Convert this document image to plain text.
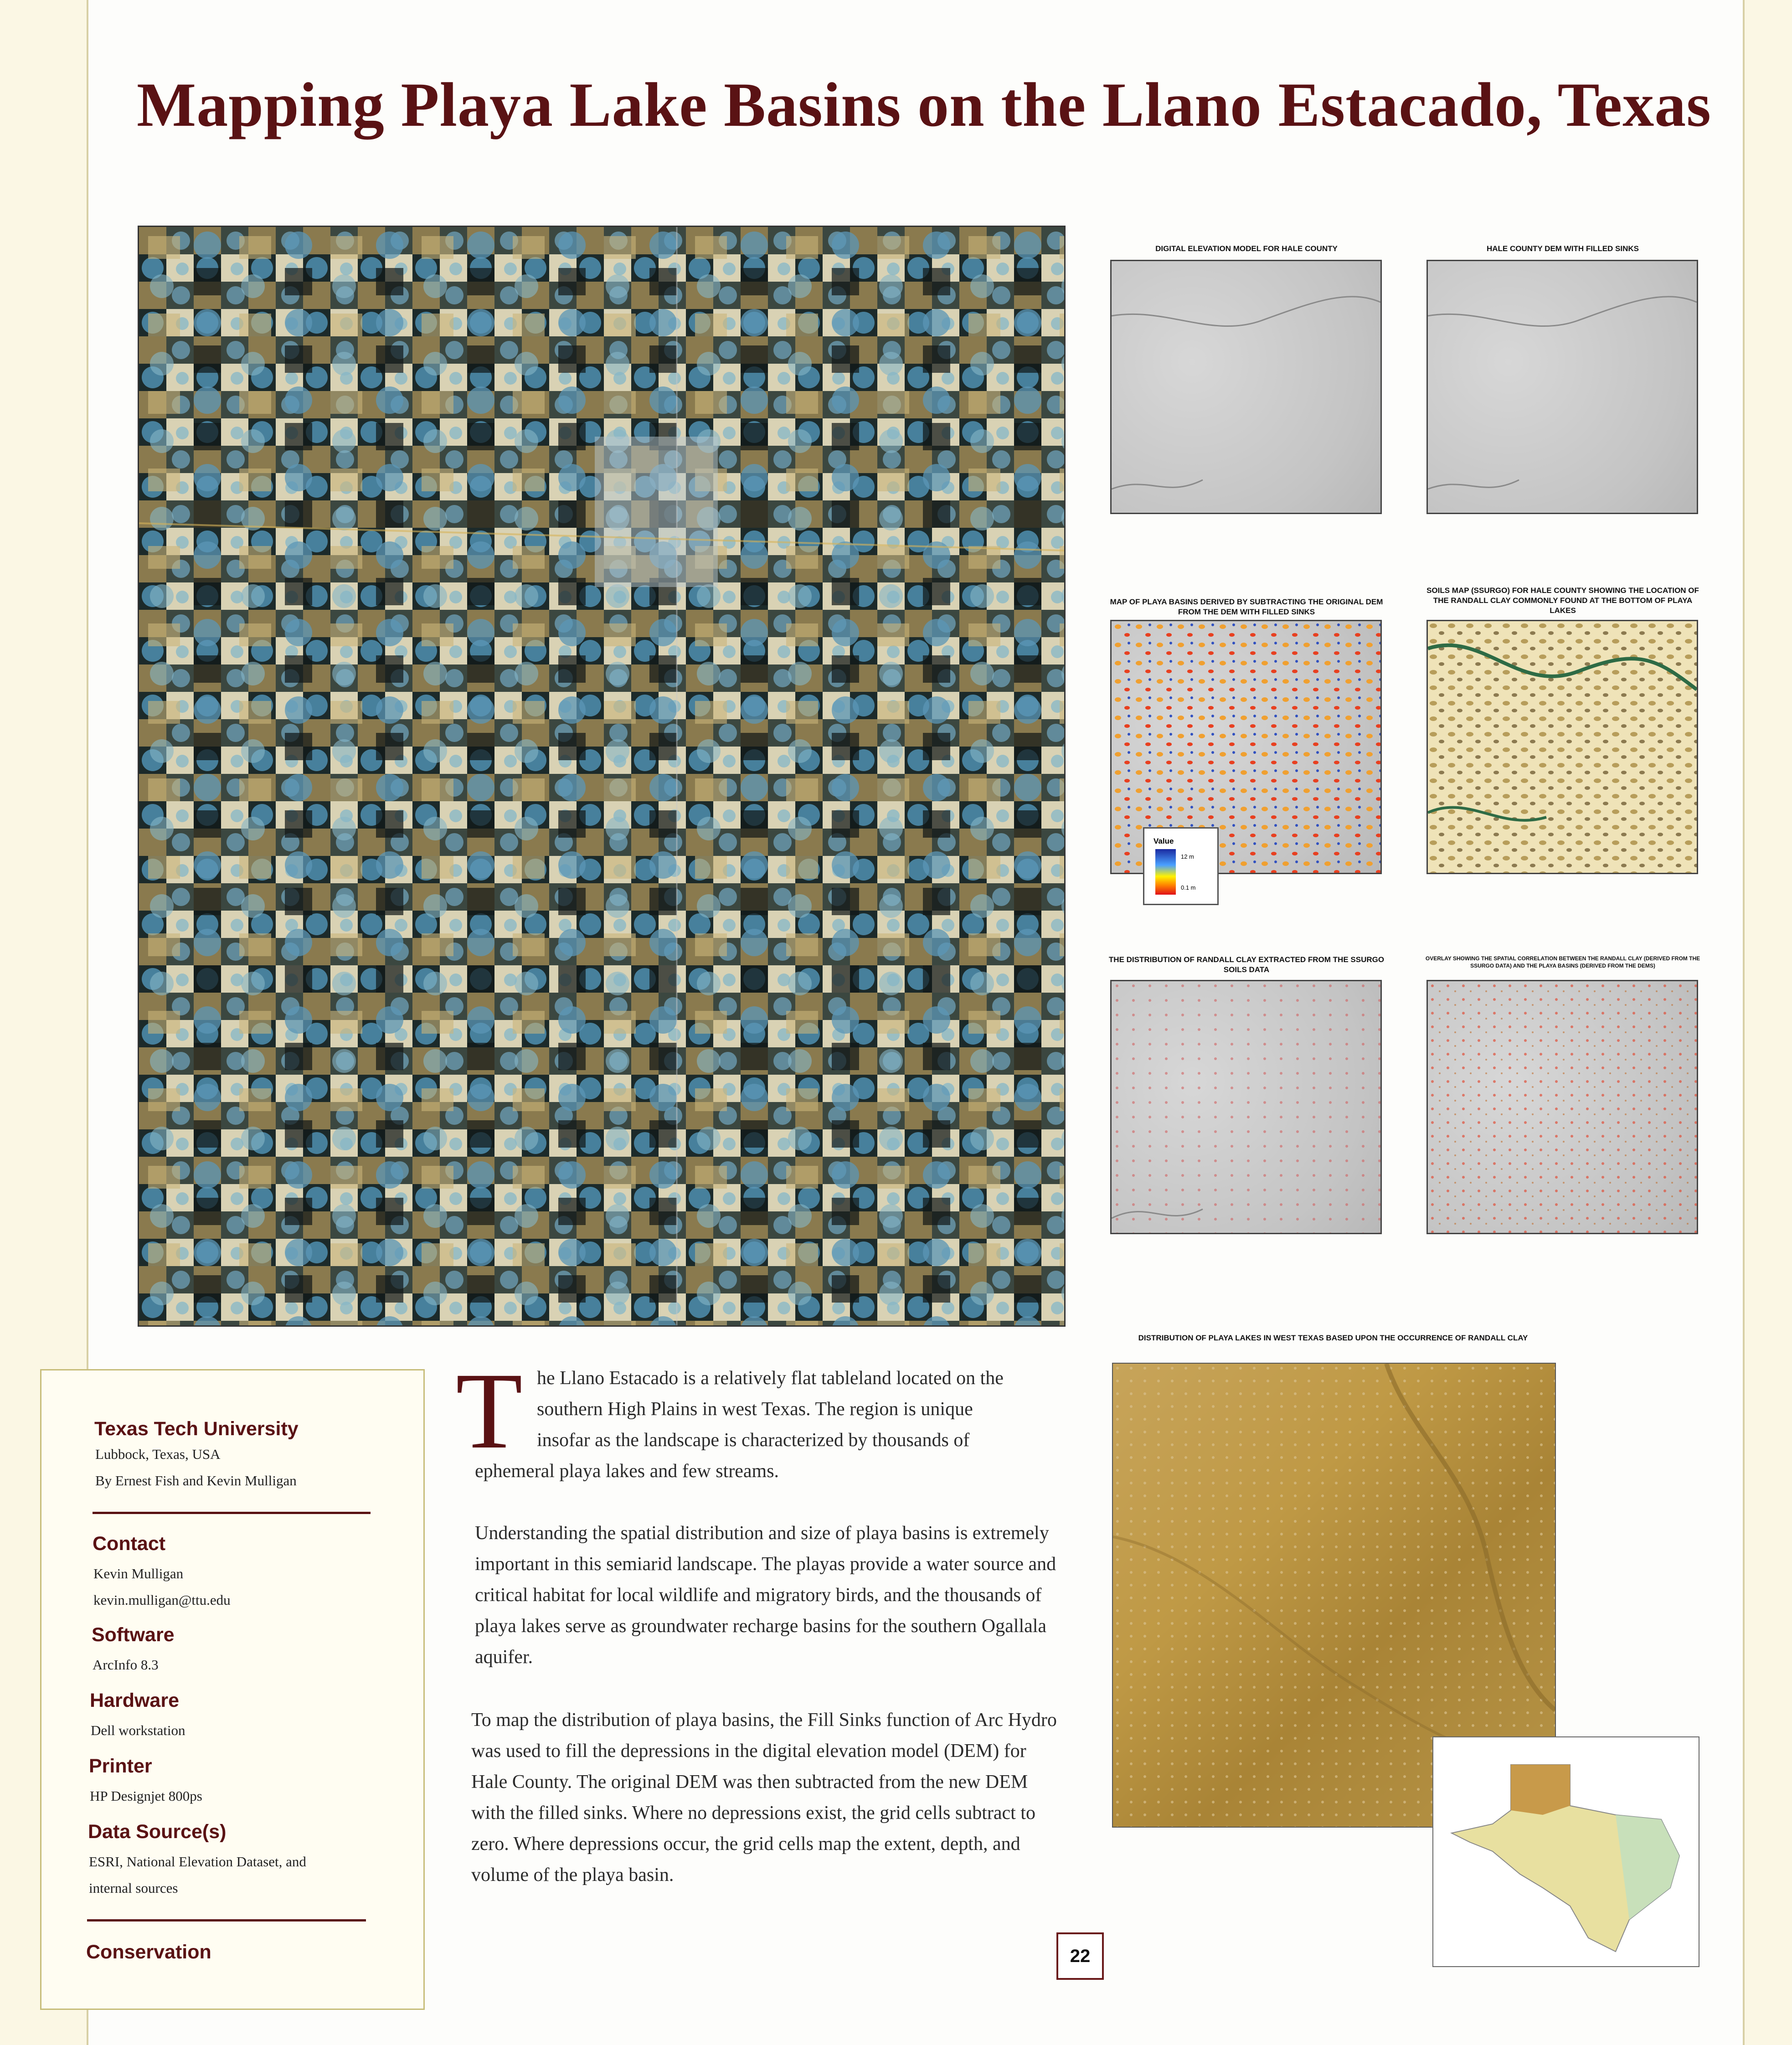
Mapping Playa Lake Basins on the Llano Estacado, Texas
DIGITAL ELEVATION MODEL FOR HALE COUNTY	HALE COUNTY DEM WITH FILLED SINKS
MAP OF PLAYA BASINS DERIVED BY SUBTRACTING THE ORIGINAL DEM FROM THE DEM WITH FILLED SINKS
SOILS MAP (SSURGO) FOR HALE COUNTY SHOWING THE LOCATION OF THE RANDALL CLAY COMMONLY FOUND AT THE BOTTOM OF PLAYA LAKES
Value
12 m
0.1 m
THE DISTRIBUTION OF RANDALL CLAY EXTRACTED FROM THE SSURGO SOILS DATA
OVERLAY SHOWING THE SPATIAL CORRELATION BETWEEN THE RANDALL CLAY (DERIVED FROM THE SSURGO DATA) AND THE PLAYA BASINS (DERIVED FROM THE DEMS)
DISTRIBUTION OF PLAYA LAKES IN WEST TEXAS BASED UPON THE OCCURRENCE OF RANDALL CLAY
Texas Tech University
Lubbock, Texas, USA
By Ernest Fish and Kevin Mulligan
Contact
Kevin Mulligan
kevin.mulligan@ttu.edu
Software
ArcInfo 8.3
Hardware
Dell workstation
Printer
HP Designjet 800ps
Data Source(s)
ESRI, National Elevation Dataset, and
internal sources
Conservation
T he Llano Estacado is a relatively flat tableland located on the
southern High Plains in west Texas. The region is unique
insofar as the landscape is characterized by thousands of
ephemeral playa lakes and few streams.
Understanding the spatial distribution and size of playa basins is extremely important in this semiarid landscape. The playas provide a water source and critical habitat for local wildlife and migratory birds, and the thousands of playa lakes serve as groundwater recharge basins for the southern Ogallala aquifer.
To map the distribution of playa basins, the Fill Sinks function of Arc Hydro was used to fill the depressions in the digital elevation model (DEM) for Hale County. The original DEM was then subtracted from the new DEM with the filled sinks. Where no depressions exist, the grid cells subtract to zero. Where depressions occur, the grid cells map the extent, depth, and volume of the playa basin.
22
